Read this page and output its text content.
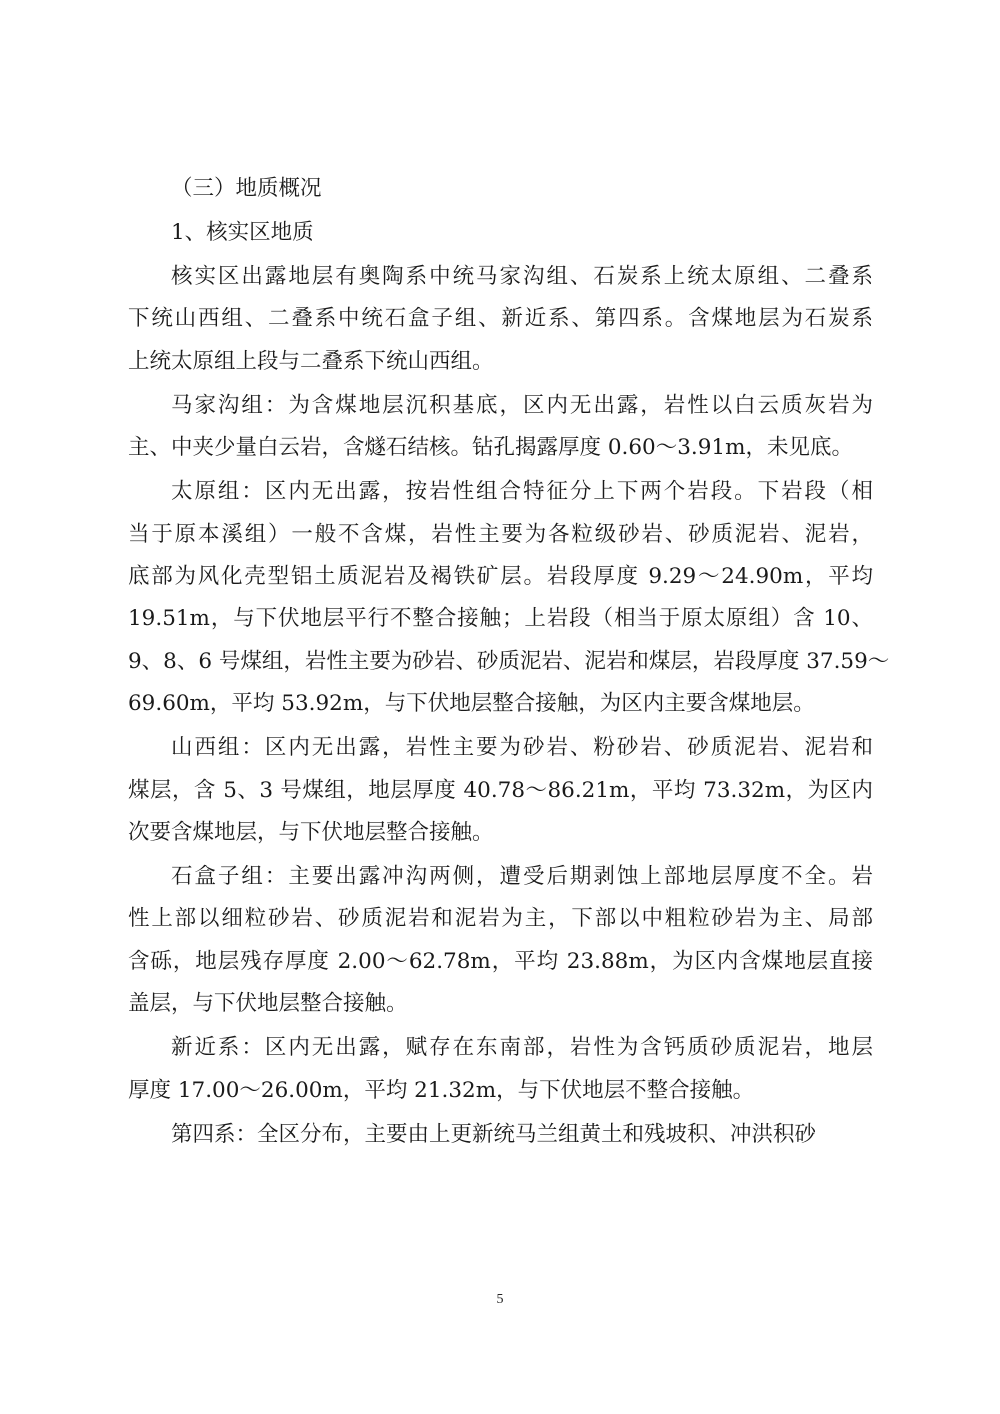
（三）地质概况
1、核实区地质

核实区出露地层有奥陶系中统马家沟组、石炭系上统太原组、二叠系
下统山西组、二叠系中统石盒子组、新近系、第四系。含煤地层为石炭系
上统太原组上段与二叠系下统山西组。

马家沟组：为含煤地层沉积基底，区内无出露，岩性以白云质灰岩为
主、中夹少量白云岩，含燧石结核。钻孔揭露厚度 0.60～3.91m，未见底。

太原组：区内无出露，按岩性组合特征分上下两个岩段。下岩段（相
当于原本溪组）一般不含煤，岩性主要为各粒级砂岩、砂质泥岩、泥岩，
底部为风化壳型铝土质泥岩及褐铁矿层。岩段厚度 9.29～24.90m，平均
19.51m，与下伏地层平行不整合接触；上岩段（相当于原太原组）含 10、
9、8、6 号煤组，岩性主要为砂岩、砂质泥岩、泥岩和煤层，岩段厚度 37.59～
69.60m，平均 53.92m，与下伏地层整合接触，为区内主要含煤地层。

山西组：区内无出露，岩性主要为砂岩、粉砂岩、砂质泥岩、泥岩和
煤层，含 5、3 号煤组，地层厚度 40.78～86.21m，平均 73.32m，为区内
次要含煤地层，与下伏地层整合接触。

石盒子组：主要出露冲沟两侧，遭受后期剥蚀上部地层厚度不全。岩
性上部以细粒砂岩、砂质泥岩和泥岩为主，下部以中粗粒砂岩为主、局部
含砾，地层残存厚度 2.00～62.78m，平均 23.88m，为区内含煤地层直接
盖层，与下伏地层整合接触。

新近系：区内无出露，赋存在东南部，岩性为含钙质砂质泥岩，地层
厚度 17.00～26.00m，平均 21.32m，与下伏地层不整合接触。

第四系：全区分布，主要由上更新统马兰组黄土和残坡积、冲洪积砂

5
